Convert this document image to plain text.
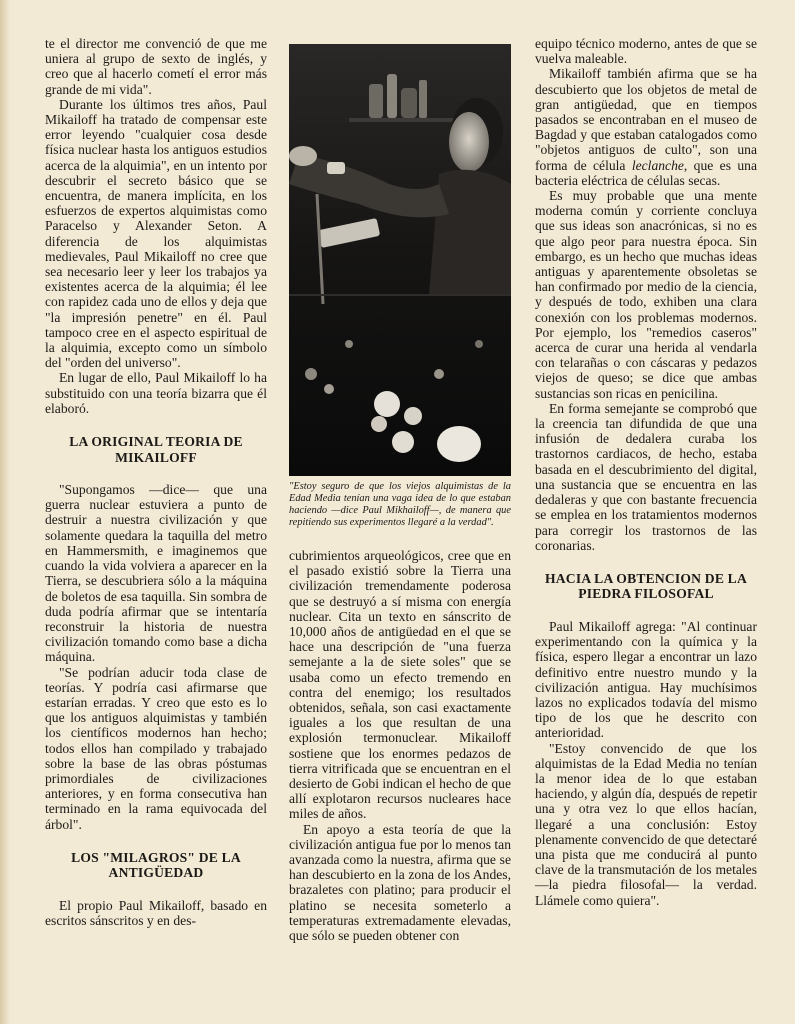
te el director me convenció de que me uniera al grupo de sexto de inglés, y creo que al hacerlo cometí el error más grande de mi vida".

Durante los últimos tres años, Paul Mikailoff ha tratado de compensar este error leyendo "cualquier cosa desde física nuclear hasta los antiguos estudios acerca de la alquimia", en un intento por descubrir el secreto básico que se encuentra, de manera implícita, en los esfuerzos de expertos alquimistas como Paracelso y Alexander Seton. A diferencia de los alquimistas medievales, Paul Mikailoff no cree que sea necesario leer y leer los trabajos ya existentes acerca de la alquimia; él lee con rapidez cada uno de ellos y deja que "la impresión penetre" en él. Paul tampoco cree en el aspecto espiritual de la alquimia, excepto como un símbolo del "orden del universo".

En lugar de ello, Paul Mikailoff lo ha substituido con una teoría bizarra que él elaboró.

LA ORIGINAL TEORIA DE MIKAILOFF

"Supongamos —dice— que una guerra nuclear estuviera a punto de destruir a nuestra civilización y que solamente quedara la taquilla del metro en Hammersmith, e imaginemos que cuando la vida volviera a aparecer en la Tierra, se descubriera sólo a la máquina de boletos de esa taquilla. Sin sombra de duda podría afirmar que se intentaría reconstruir la historia de nuestra civilización tomando como base a dicha máquina.

"Se podrían aducir toda clase de teorías. Y podría casi afirmarse que estarían erradas. Y creo que esto es lo que los antiguos alquimistas y también los científicos modernos han hecho; todos ellos han compilado y trabajado sobre la base de las obras póstumas primordiales de civilizaciones anteriores, y en forma consecutiva han terminado en la rama equivocada del árbol".

LOS "MILAGROS" DE LA ANTIGÜEDAD

El propio Paul Mikailoff, basado en escritos sánscritos y en des-

"Estoy seguro de que los viejos alquimistas de la Edad Media tenían una vaga idea de lo que estaban haciendo —dice Paul Mikhailoff—, de manera que repitiendo sus experimentos llegaré a la verdad".

cubrimientos arqueológicos, cree que en el pasado existió sobre la Tierra una civilización tremendamente poderosa que se destruyó a sí misma con energía nuclear. Cita un texto en sánscrito de 10,000 años de antigüedad en el que se hace una descripción de "una fuerza semejante a la de siete soles" que se usaba como un efecto tremendo en contra del enemigo; los resultados obtenidos, señala, son casi exactamente iguales a los que resultan de una explosión termonuclear. Mikailoff sostiene que los enormes pedazos de tierra vitrificada que se encuentran en el desierto de Gobi indican el hecho de que allí explotaron recursos nucleares hace miles de años.

En apoyo a esta teoría de que la civilización antigua fue por lo menos tan avanzada como la nuestra, afirma que se han descubierto en la zona de los Andes, brazaletes con platino; para producir el platino se necesita someterlo a temperaturas extremadamente elevadas, que sólo se pueden obtener con

equipo técnico moderno, antes de que se vuelva maleable.

Mikailoff también afirma que se ha descubierto que los objetos de metal de gran antigüedad, que en tiempos pasados se encontraban en el museo de Bagdad y que estaban catalogados como "objetos antiguos de culto", son una forma de célula leclanche, que es una bacteria eléctrica de células secas.

Es muy probable que una mente moderna común y corriente concluya que sus ideas son anacrónicas, si no es que algo peor para nuestra época. Sin embargo, es un hecho que muchas ideas antiguas y aparentemente obsoletas se han confirmado por medio de la ciencia, y después de todo, exhiben una clara conexión con los problemas modernos. Por ejemplo, los "remedios caseros" acerca de curar una herida al vendarla con telarañas o con cáscaras y pedazos viejos de queso; se dice que ambas sustancias son ricas en penicilina.

En forma semejante se comprobó que la creencia tan difundida de que una infusión de dedalera curaba los trastornos cardiacos, de hecho, estaba basada en el descubrimiento del digital, una sustancia que se encuentra en las dedaleras y que con bastante frecuencia se emplea en los tratamientos modernos para corregir los trastornos de las coronarias.

HACIA LA OBTENCION DE LA PIEDRA FILOSOFAL

Paul Mikailoff agrega: "Al continuar experimentando con la química y la física, espero llegar a encontrar un lazo definitivo entre nuestro mundo y la civilización antigua. Hay muchísimos lazos no explicados todavía del mismo tipo de los que he descrito con anterioridad.

"Estoy convencido de que los alquimistas de la Edad Media no tenían la menor idea de lo que estaban haciendo, y algún día, después de repetir una y otra vez lo que ellos hacían, llegaré a una conclusión: Estoy plenamente convencido de que detectaré una pista que me conducirá al punto clave de la transmutación de los metales —la piedra filosofal— la verdad. Llámele como quiera".
